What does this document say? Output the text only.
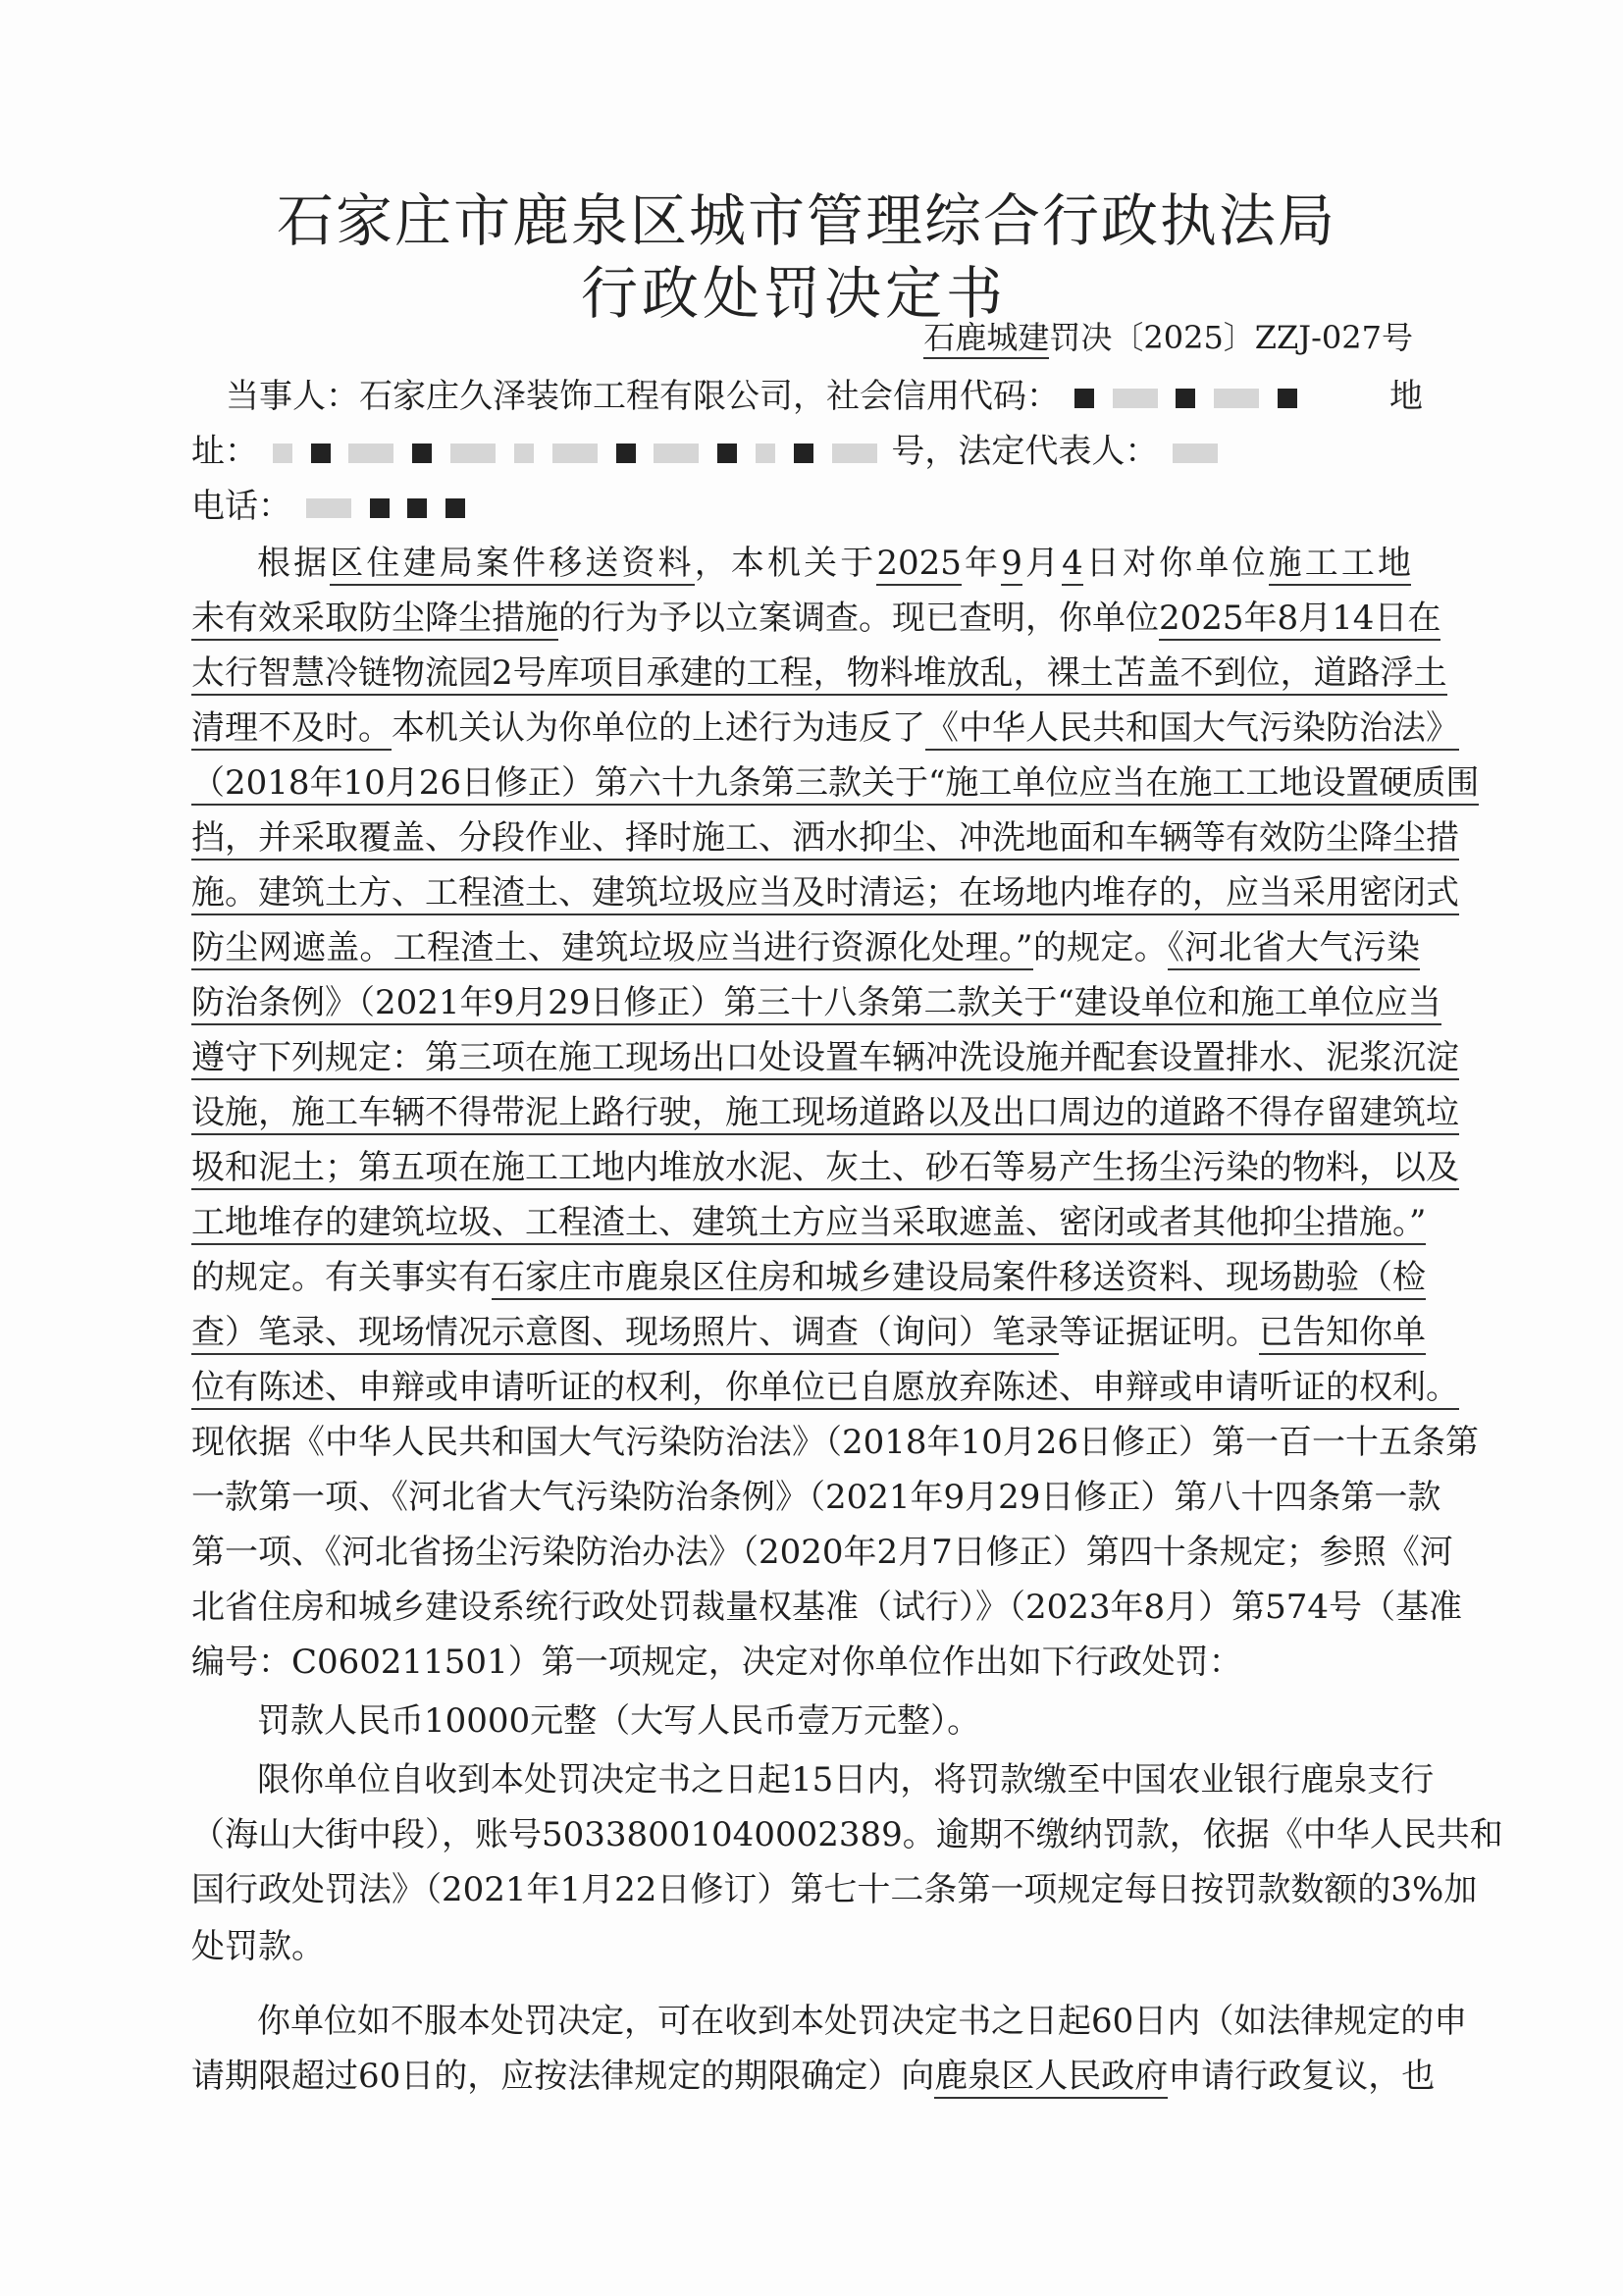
石家庄市鹿泉区城市管理综合行政执法局
行政处罚决定书
石鹿城建罚决〔2025〕ZZJ-027号
当事人：石家庄久泽装饰工程有限公司，社会信用代码：	地
址：	号，法定代表人：
电话：
根据区住建局案件移送资料，本机关于2025年9月4日对你单位施工工地
未有效采取防尘降尘措施的行为予以立案调查。现已查明，你单位2025年8月14日在
太行智慧冷链物流园2号库项目承建的工程，物料堆放乱，裸土苫盖不到位，道路浮土
清理不及时。本机关认为你单位的上述行为违反了《中华人民共和国大气污染防治法》
（2018年10月26日修正）第六十九条第三款关于“施工单位应当在施工工地设置硬质围
挡，并采取覆盖、分段作业、择时施工、洒水抑尘、冲洗地面和车辆等有效防尘降尘措
施。建筑土方、工程渣土、建筑垃圾应当及时清运；在场地内堆存的，应当采用密闭式
防尘网遮盖。工程渣土、建筑垃圾应当进行资源化处理。”的规定。《河北省大气污染
防治条例》（2021年9月29日修正）第三十八条第二款关于“建设单位和施工单位应当
遵守下列规定：第三项在施工现场出口处设置车辆冲洗设施并配套设置排水、泥浆沉淀
设施，施工车辆不得带泥上路行驶，施工现场道路以及出口周边的道路不得存留建筑垃
圾和泥土；第五项在施工工地内堆放水泥、灰土、砂石等易产生扬尘污染的物料，以及
工地堆存的建筑垃圾、工程渣土、建筑土方应当采取遮盖、密闭或者其他抑尘措施。”
的规定。有关事实有石家庄市鹿泉区住房和城乡建设局案件移送资料、现场勘验（检
查）笔录、现场情况示意图、现场照片、调查（询问）笔录等证据证明。已告知你单
位有陈述、申辩或申请听证的权利，你单位已自愿放弃陈述、申辩或申请听证的权利。
现依据《中华人民共和国大气污染防治法》（2018年10月26日修正）第一百一十五条第
一款第一项、《河北省大气污染防治条例》（2021年9月29日修正）第八十四条第一款
第一项、《河北省扬尘污染防治办法》（2020年2月7日修正）第四十条规定；参照《河
北省住房和城乡建设系统行政处罚裁量权基准（试行）》（2023年8月）第574号（基准
编号：C060211501）第一项规定，决定对你单位作出如下行政处罚：
罚款人民币10000元整（大写人民币壹万元整）。
限你单位自收到本处罚决定书之日起15日内，将罚款缴至中国农业银行鹿泉支行
（海山大街中段），账号50338001040002389。逾期不缴纳罚款，依据《中华人民共和
国行政处罚法》（2021年1月22日修订）第七十二条第一项规定每日按罚款数额的3%加
处罚款。
你单位如不服本处罚决定，可在收到本处罚决定书之日起60日内（如法律规定的申
请期限超过60日的，应按法律规定的期限确定）向鹿泉区人民政府申请行政复议，也
